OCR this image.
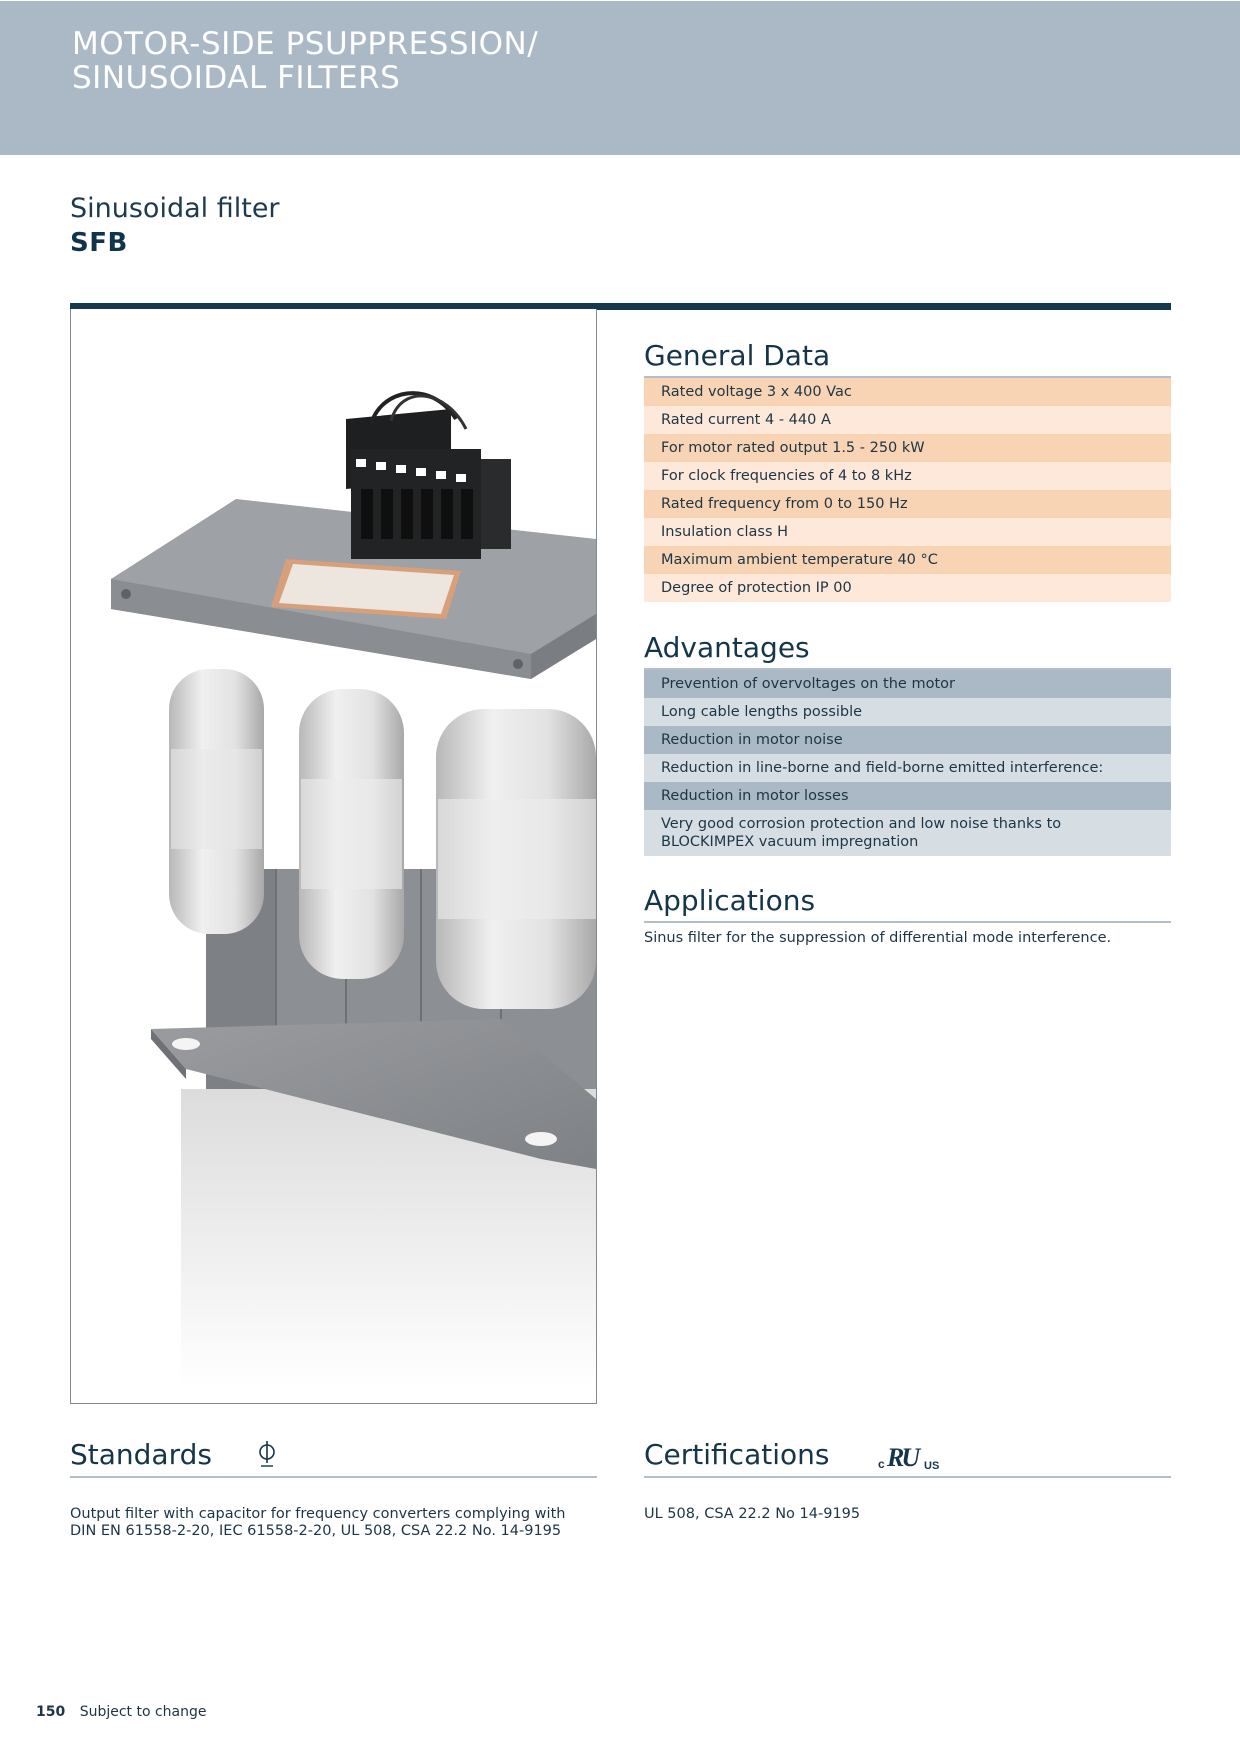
MOTOR-SIDE PSUPPRESSION/
SINUSOIDAL FILTERS
Sinusoidal filter
SFB
General Data
Rated voltage 3 x 400 Vac
Rated current 4 - 440 A
For motor rated output 1.5 - 250 kW
For clock frequencies of 4 to 8 kHz
Rated frequency from 0 to 150 Hz
Insulation class H
Maximum ambient temperature 40 °C
Degree of protection IP 00
Advantages
Prevention of overvoltages on the motor
Long cable lengths possible
Reduction in motor noise
Reduction in line-borne and field-borne emitted interference:
Reduction in motor losses
Very good corrosion protection and low noise thanks to BLOCKIMPEX vacuum impregnation
Applications

Sinus filter for the suppression of differential mode interference.

Standards

Output filter with capacitor for frequency converters complying with
DIN EN 61558-2-20, IEC 61558-2-20, UL 508, CSA 22.2 No. 14-9195

Certifications	c RU US

UL 508, CSA 22.2 No 14-9195

150 Subject to change
